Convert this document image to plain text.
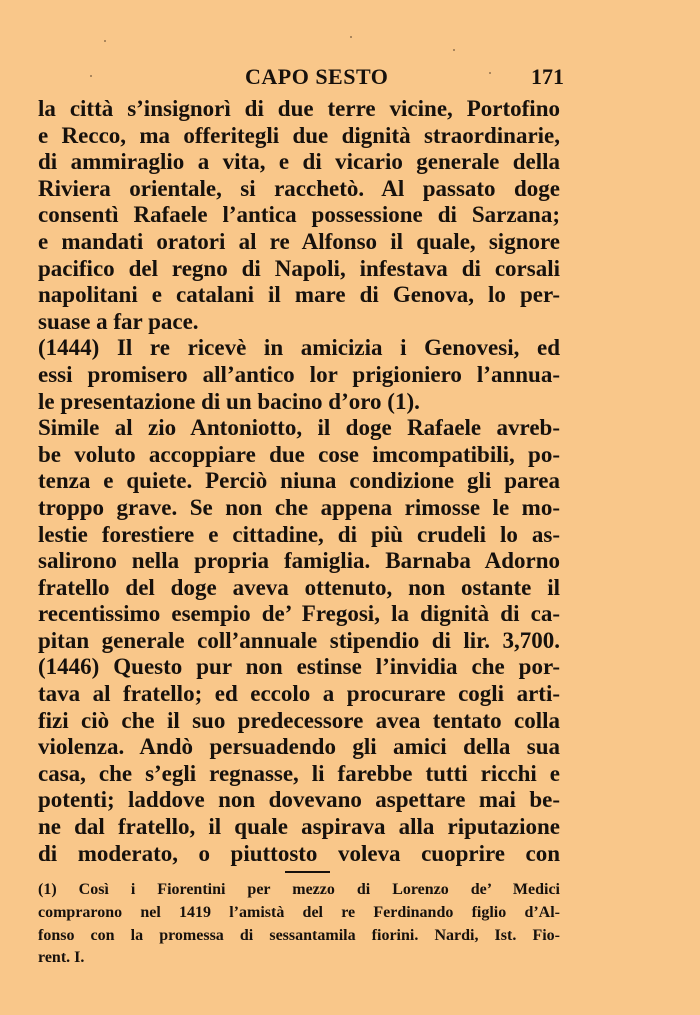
CAPO SESTO	171
la città s’insignorì di due terre vicine, Portofino
e Recco, ma offeritegli due dignità straordinarie,
di ammiraglio a vita, e di vicario generale della
Riviera orientale, si racchetò. Al passato doge
consentì Rafaele l’antica possessione di Sarzana;
e mandati oratori al re Alfonso il quale, signore
pacifico del regno di Napoli, infestava di corsali
napolitani e catalani il mare di Genova, lo per-
suase a far pace.
(1444) Il re ricevè in amicizia i Genovesi, ed
essi promisero all’antico lor prigioniero l’annua-
le presentazione di un bacino d’oro (1).
Simile al zio Antoniotto, il doge Rafaele avreb-
be voluto accoppiare due cose imcompatibili, po-
tenza e quiete. Perciò niuna condizione gli parea
troppo grave. Se non che appena rimosse le mo-
lestie forestiere e cittadine, di più crudeli lo as-
salirono nella propria famiglia. Barnaba Adorno
fratello del doge aveva ottenuto, non ostante il
recentissimo esempio de’ Fregosi, la dignità di ca-
pitan generale coll’annuale stipendio di lir. 3,700.
(1446) Questo pur non estinse l’invidia che por-
tava al fratello; ed eccolo a procurare cogli arti-
fizi ciò che il suo predecessore avea tentato colla
violenza. Andò persuadendo gli amici della sua
casa, che s’egli regnasse, li farebbe tutti ricchi e
potenti; laddove non dovevano aspettare mai be-
ne dal fratello, il quale aspirava alla riputazione
di moderato, o piuttosto voleva cuoprire con
(1) Così i Fiorentini per mezzo di Lorenzo de’ Medici
comprarono nel 1419 l’amistà del re Ferdinando figlio d’Al-
fonso con la promessa di sessantamila fiorini. Nardi, Ist. Fio-
rent. I.
